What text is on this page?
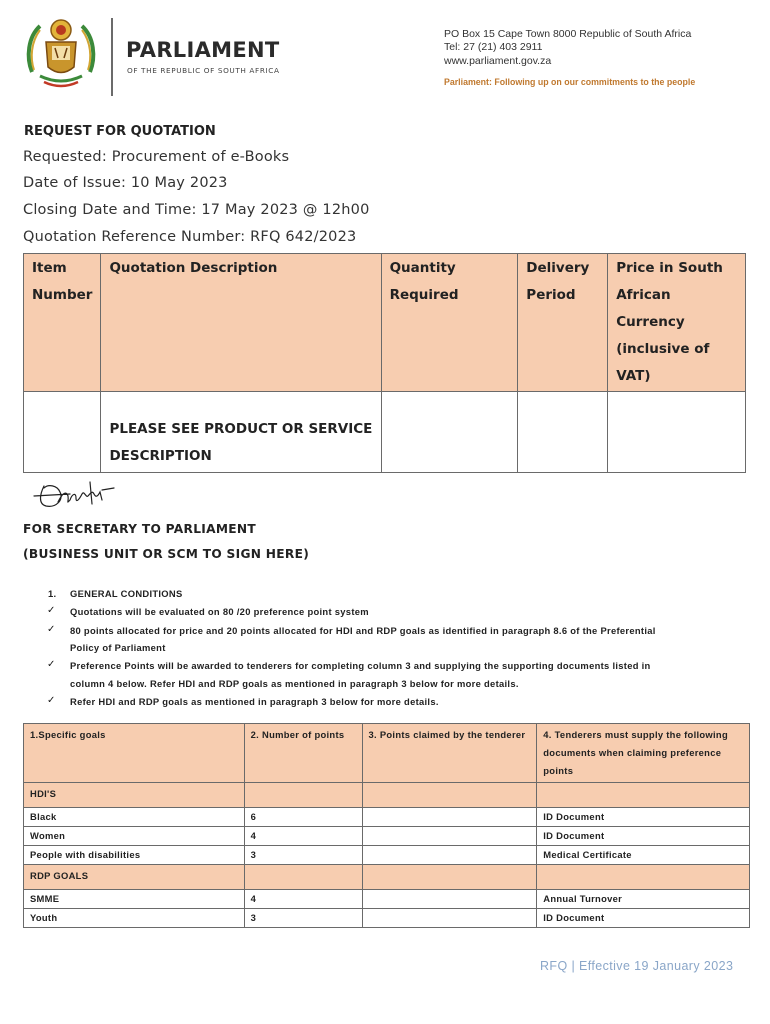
PARLIAMENT
OF THE REPUBLIC OF SOUTH AFRICA
PO Box 15 Cape Town 8000 Republic of South Africa
Tel: 27 (21) 403 2911
www.parliament.gov.za
Parliament: Following up on our commitments to the people
REQUEST FOR QUOTATION
Requested: Procurement of e-Books
Date of Issue: 10 May 2023
Closing Date and Time: 17 May 2023 @ 12h00
Quotation Reference Number: RFQ 642/2023
Item Number	Quotation Description	Quantity Required	Delivery Period	Price in South African Currency (inclusive of VAT)
	PLEASE SEE PRODUCT OR SERVICE DESCRIPTION			
FOR SECRETARY TO PARLIAMENT
(BUSINESS UNIT OR SCM TO SIGN HERE)
1. GENERAL CONDITIONS
✓ Quotations will be evaluated on 80 /20 preference point system
✓ 80 points allocated for price and 20 points allocated for HDI and RDP goals as identified in paragraph 8.6 of the Preferential
Policy of Parliament
✓ Preference Points will be awarded to tenderers for completing column 3 and supplying the supporting documents listed in
column 4 below. Refer HDI and RDP goals as mentioned in paragraph 3 below for more details.
✓ Refer HDI and RDP goals as mentioned in paragraph 3 below for more details.
1.Specific goals	2. Number of points	3. Points claimed by the tenderer	4. Tenderers must supply the following documents when claiming preference points
HDI'S			
Black	6		ID Document
Women	4		ID Document
People with disabilities	3		Medical Certificate
RDP GOALS			
SMME	4		Annual Turnover
Youth	3		ID Document
RFQ | Effective 19 January 2023
